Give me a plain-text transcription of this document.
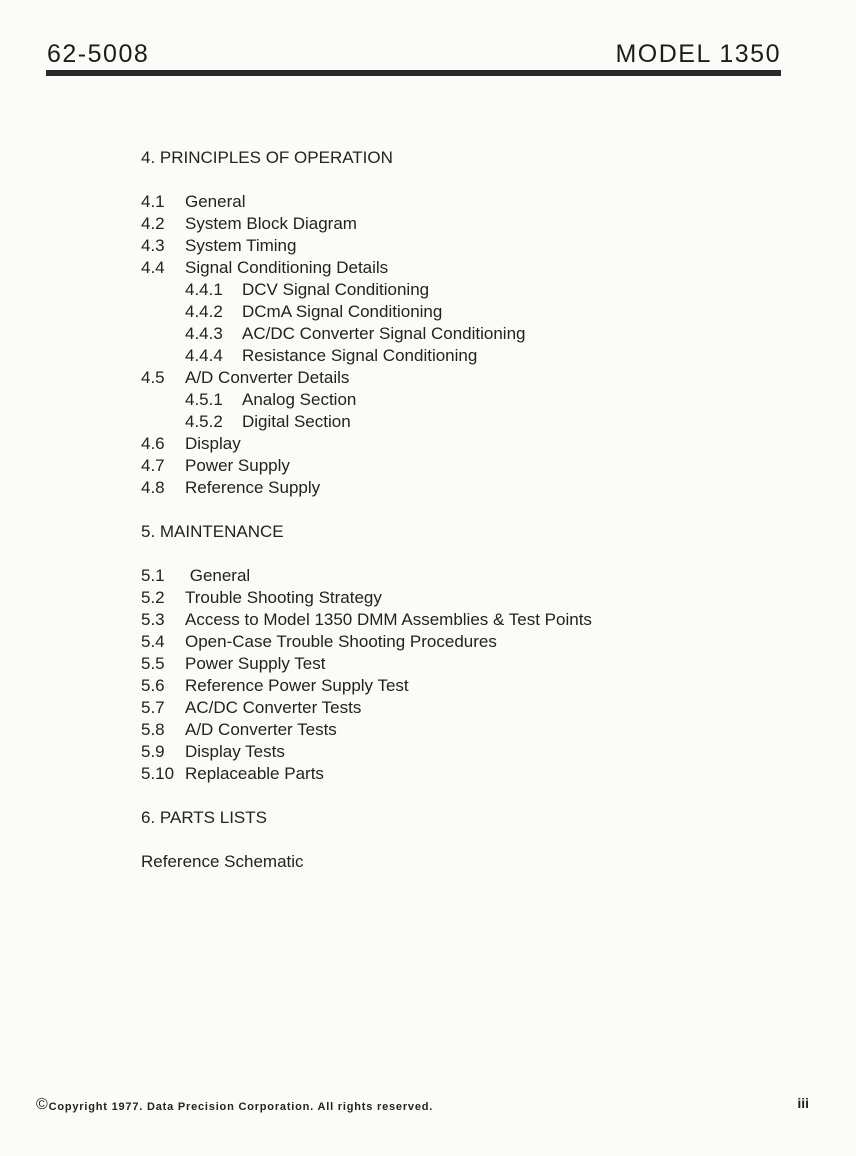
62-5008	MODEL 1350
4. PRINCIPLES OF OPERATION
4.1 General
4.2 System Block Diagram
4.3 System Timing
4.4 Signal Conditioning Details
4.4.1 DCV Signal Conditioning
4.4.2 DCmA Signal Conditioning
4.4.3 AC/DC Converter Signal Conditioning
4.4.4 Resistance Signal Conditioning
4.5 A/D Converter Details
4.5.1 Analog Section
4.5.2 Digital Section
4.6 Display
4.7 Power Supply
4.8 Reference Supply
5. MAINTENANCE
5.1 General
5.2 Trouble Shooting Strategy
5.3 Access to Model 1350 DMM Assemblies & Test Points
5.4 Open-Case Trouble Shooting Procedures
5.5 Power Supply Test
5.6 Reference Power Supply Test
5.7 AC/DC Converter Tests
5.8 A/D Converter Tests
5.9 Display Tests
5.10 Replaceable Parts
6. PARTS LISTS
Reference Schematic
©Copyright 1977. Data Precision Corporation. All rights reserved.	iii
